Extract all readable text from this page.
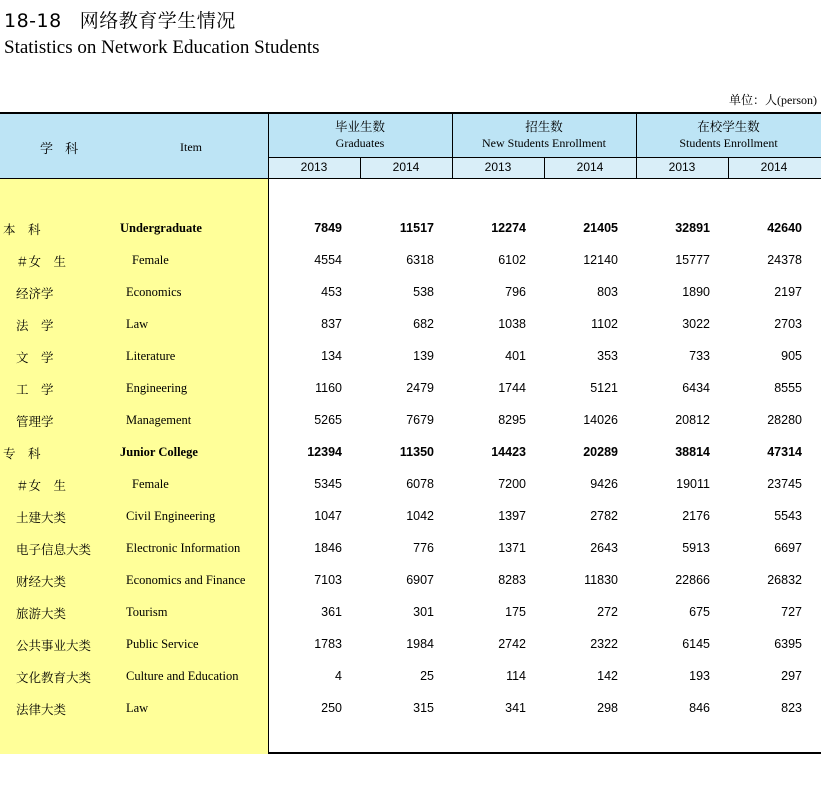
18-18 网络教育学生情况
Statistics on Network Education Students
单位：人(person)
学 科	Item
毕业生数
Graduates
招生数
New Students Enrollment
在校学生数
Students Enrollment
2013	2014	2013	2014	2013	2014
本　科	Undergraduate	7849	11517	12274	21405	32891	42640
＃女　生	Female	4554	6318	6102	12140	15777	24378
经济学	Economics	453	538	796	803	1890	2197
法　学	Law	837	682	1038	1102	3022	2703
文　学	Literature	134	139	401	353	733	905
工　学	Engineering	1160	2479	1744	5121	6434	8555
管理学	Management	5265	7679	8295	14026	20812	28280
专　科	Junior College	12394	11350	14423	20289	38814	47314
＃女　生	Female	5345	6078	7200	9426	19011	23745
土建大类	Civil Engineering	1047	1042	1397	2782	2176	5543
电子信息大类	Electronic Information	1846	776	1371	2643	5913	6697
财经大类	Economics and Finance	7103	6907	8283	11830	22866	26832
旅游大类	Tourism	361	301	175	272	675	727
公共事业大类	Public Service	1783	1984	2742	2322	6145	6395
文化教育大类	Culture and Education	4	25	114	142	193	297
法律大类	Law	250	315	341	298	846	823
